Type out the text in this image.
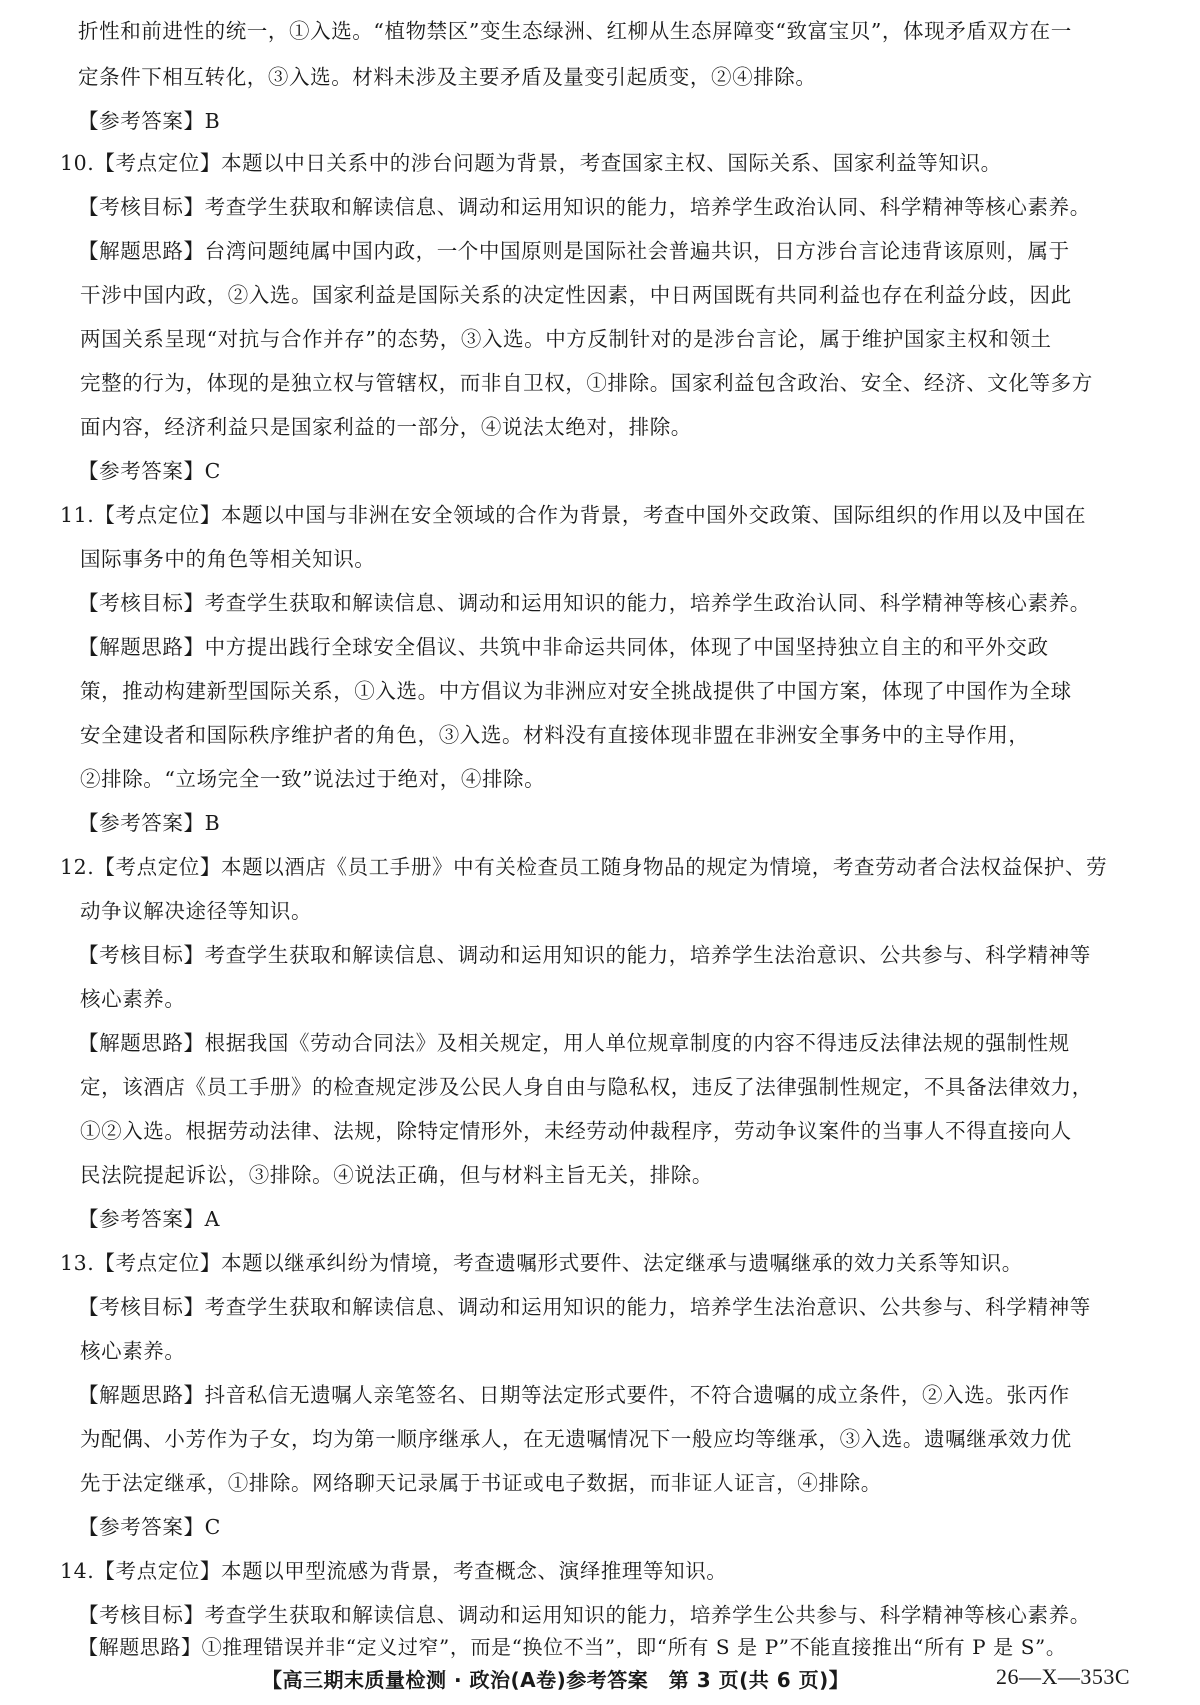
折性和前进性的统一，①入选。“植物禁区”变生态绿洲、红柳从生态屏障变“致富宝贝”，体现矛盾双方在一
定条件下相互转化，③入选。材料未涉及主要矛盾及量变引起质变，②④排除。
【参考答案】B
10.【考点定位】本题以中日关系中的涉台问题为背景，考查国家主权、国际关系、国家利益等知识。
【考核目标】考查学生获取和解读信息、调动和运用知识的能力，培养学生政治认同、科学精神等核心素养。
【解题思路】台湾问题纯属中国内政，一个中国原则是国际社会普遍共识，日方涉台言论违背该原则，属于
干涉中国内政，②入选。国家利益是国际关系的决定性因素，中日两国既有共同利益也存在利益分歧，因此
两国关系呈现“对抗与合作并存”的态势，③入选。中方反制针对的是涉台言论，属于维护国家主权和领土
完整的行为，体现的是独立权与管辖权，而非自卫权，①排除。国家利益包含政治、安全、经济、文化等多方
面内容，经济利益只是国家利益的一部分，④说法太绝对，排除。
【参考答案】C
11.【考点定位】本题以中国与非洲在安全领域的合作为背景，考查中国外交政策、国际组织的作用以及中国在
国际事务中的角色等相关知识。
【考核目标】考查学生获取和解读信息、调动和运用知识的能力，培养学生政治认同、科学精神等核心素养。
【解题思路】中方提出践行全球安全倡议、共筑中非命运共同体，体现了中国坚持独立自主的和平外交政
策，推动构建新型国际关系，①入选。中方倡议为非洲应对安全挑战提供了中国方案，体现了中国作为全球
安全建设者和国际秩序维护者的角色，③入选。材料没有直接体现非盟在非洲安全事务中的主导作用，
②排除。“立场完全一致”说法过于绝对，④排除。
【参考答案】B
12.【考点定位】本题以酒店《员工手册》中有关检查员工随身物品的规定为情境，考查劳动者合法权益保护、劳
动争议解决途径等知识。
【考核目标】考查学生获取和解读信息、调动和运用知识的能力，培养学生法治意识、公共参与、科学精神等
核心素养。
【解题思路】根据我国《劳动合同法》及相关规定，用人单位规章制度的内容不得违反法律法规的强制性规
定，该酒店《员工手册》的检查规定涉及公民人身自由与隐私权，违反了法律强制性规定，不具备法律效力，
①②入选。根据劳动法律、法规，除特定情形外，未经劳动仲裁程序，劳动争议案件的当事人不得直接向人
民法院提起诉讼，③排除。④说法正确，但与材料主旨无关，排除。
【参考答案】A
13.【考点定位】本题以继承纠纷为情境，考查遗嘱形式要件、法定继承与遗嘱继承的效力关系等知识。
【考核目标】考查学生获取和解读信息、调动和运用知识的能力，培养学生法治意识、公共参与、科学精神等
核心素养。
【解题思路】抖音私信无遗嘱人亲笔签名、日期等法定形式要件，不符合遗嘱的成立条件，②入选。张丙作
为配偶、小芳作为子女，均为第一顺序继承人，在无遗嘱情况下一般应均等继承，③入选。遗嘱继承效力优
先于法定继承，①排除。网络聊天记录属于书证或电子数据，而非证人证言，④排除。
【参考答案】C
14.【考点定位】本题以甲型流感为背景，考查概念、演绎推理等知识。
【考核目标】考查学生获取和解读信息、调动和运用知识的能力，培养学生公共参与、科学精神等核心素养。
【解题思路】①推理错误并非“定义过窄”，而是“换位不当”，即“所有 S 是 P”不能直接推出“所有 P 是 S”。
【高三期末质量检测 · 政治(A卷)参考答案　第 3 页(共 6 页)】	26—X—353C
